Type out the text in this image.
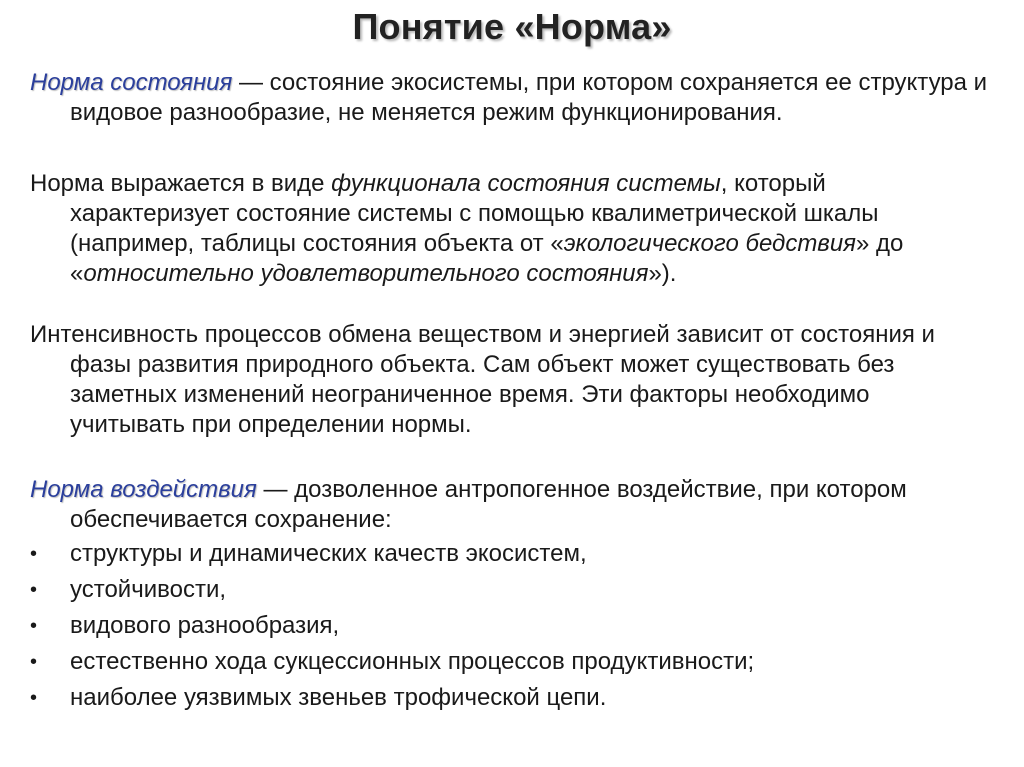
Понятие «Норма»

Норма состояния — состояние экосистемы, при котором сохраняется ее структура и видовое разнообразие, не меняется режим функционирования.

Норма выражается в виде функционала состояния системы, который характеризует состояние системы с помощью квалиметрической шкалы (например, таблицы состояния объекта от «экологического бедствия» до «относительно удовлетворительного состояния»).

Интенсивность процессов обмена веществом и энергией зависит от состояния и фазы развития природного объекта. Сам объект может существовать без заметных изменений неограниченное время. Эти факторы необходимо учитывать при определении нормы.

Норма воздействия — дозволенное антропогенное воздействие, при котором обеспечивается сохранение:

• структуры и динамических качеств экосистем,
• устойчивости,
• видового разнообразия,
• естественно хода сукцессионных процессов продуктивности;
• наиболее уязвимых звеньев трофической цепи.
